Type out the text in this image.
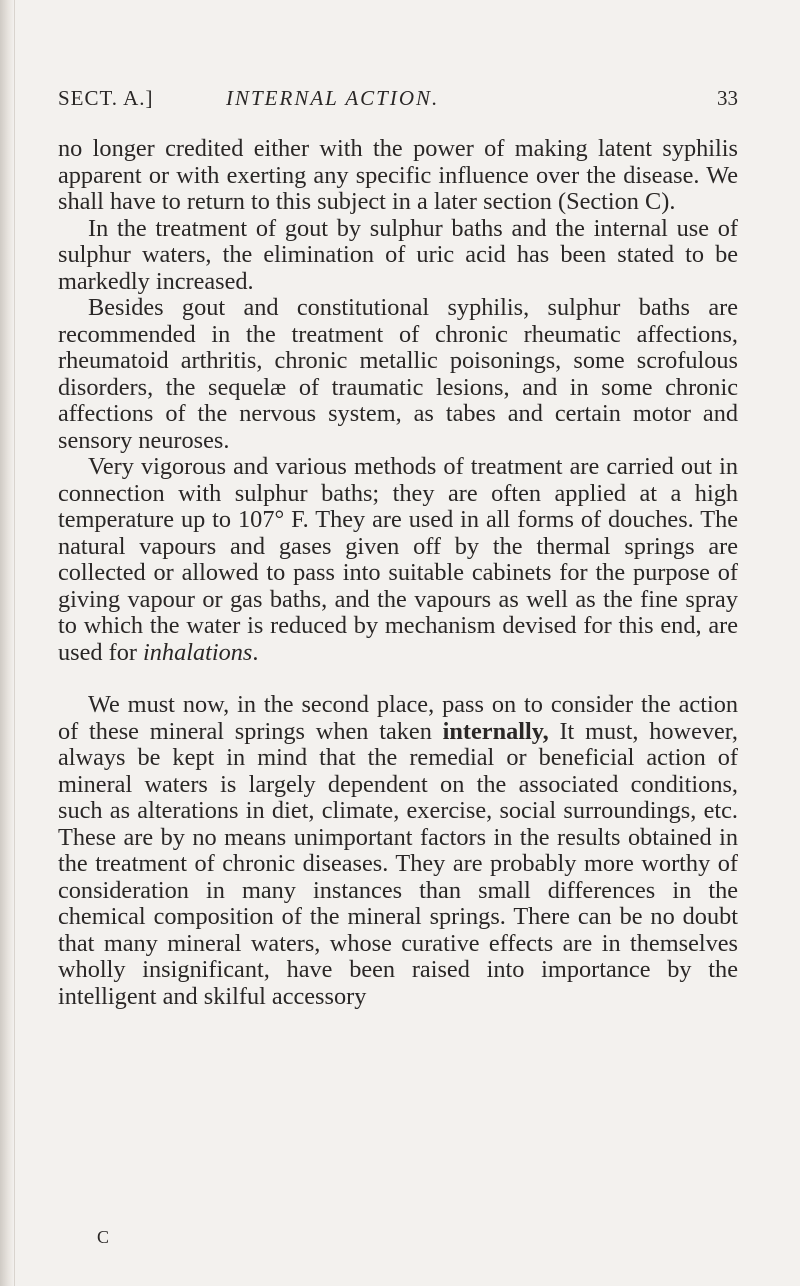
SECT. A.]	INTERNAL ACTION.	33

no longer credited either with the power of making latent syphilis apparent or with exerting any specific influence over the disease. We shall have to return to this subject in a later section (Section C).

In the treatment of gout by sulphur baths and the internal use of sulphur waters, the elimination of uric acid has been stated to be markedly increased.

Besides gout and constitutional syphilis, sulphur baths are recommended in the treatment of chronic rheumatic affections, rheumatoid arthritis, chronic metallic poisonings, some scrofulous disorders, the sequelæ of traumatic lesions, and in some chronic affections of the nervous system, as tabes and certain motor and sensory neuroses.

Very vigorous and various methods of treatment are carried out in connection with sulphur baths; they are often applied at a high temperature up to 107° F. They are used in all forms of douches. The natural vapours and gases given off by the thermal springs are collected or allowed to pass into suitable cabinets for the purpose of giving vapour or gas baths, and the vapours as well as the fine spray to which the water is reduced by mechanism devised for this end, are used for inhalations.

We must now, in the second place, pass on to consider the action of these mineral springs when taken internally, It must, however, always be kept in mind that the remedial or beneficial action of mineral waters is largely dependent on the associated conditions, such as alterations in diet, climate, exercise, social surroundings, etc. These are by no means unimportant factors in the results obtained in the treatment of chronic diseases. They are probably more worthy of consideration in many instances than small differences in the chemical composition of the mineral springs. There can be no doubt that many mineral waters, whose curative effects are in themselves wholly insignificant, have been raised into importance by the intelligent and skilful accessory

C
